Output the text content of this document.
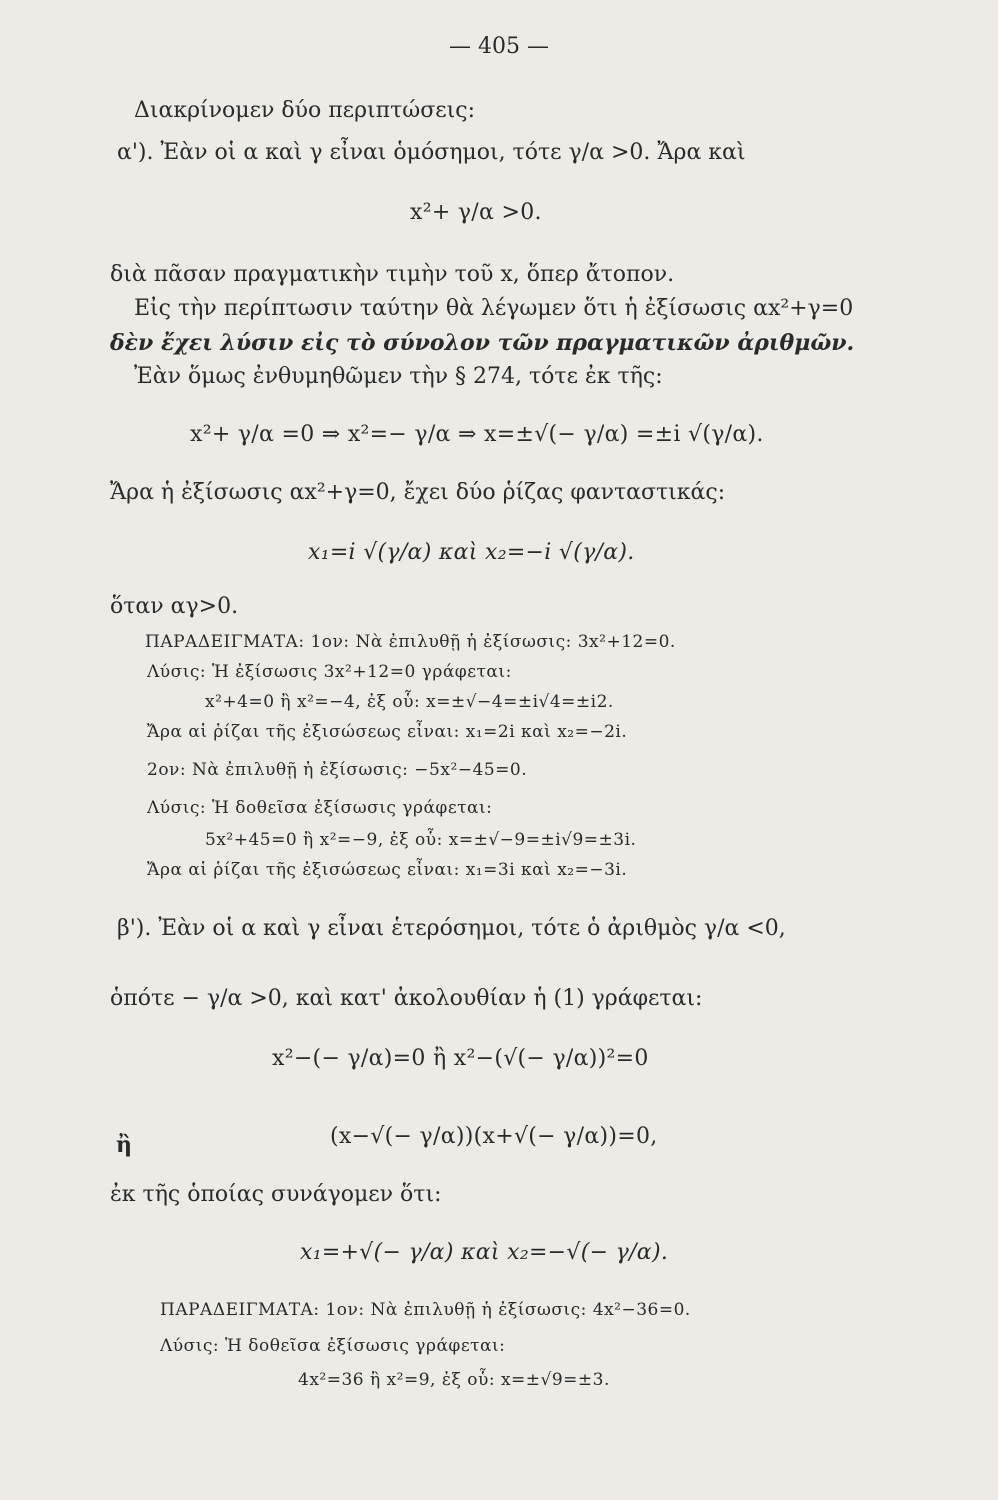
— 405 —
Διακρίνομεν δύο περιπτώσεις:
α'). Ἐὰν οἱ α καὶ γ εἶναι ὁμόσημοι, τότε γ/α >0. Ἄρα καὶ
x²+ γ/α >0.
διὰ πᾶσαν πραγματικὴν τιμὴν τοῦ x, ὅπερ ἄτοπον.
Εἰς τὴν περίπτωσιν ταύτην θὰ λέγωμεν ὅτι ἡ ἐξίσωσις αx²+γ=0
δὲν ἔχει λύσιν εἰς τὸ σύνολον τῶν πραγματικῶν ἀριθμῶν.
Ἐὰν ὅμως ἐνθυμηθῶμεν τὴν § 274, τότε ἐκ τῆς:
x²+ γ/α =0 ⇒ x²=− γ/α ⇒ x=±√(− γ/α) =±i √(γ/α).
Ἄρα ἡ ἐξίσωσις αx²+γ=0, ἔχει δύο ῥίζας φανταστικάς:
x₁=i √(γ/α) καὶ x₂=−i √(γ/α).
ὅταν αγ>0.
ΠΑΡΑΔΕΙΓΜΑΤΑ: 1ον: Νὰ ἐπιλυθῇ ἡ ἐξίσωσις: 3x²+12=0.
Λύσις: Ἡ ἐξίσωσις 3x²+12=0 γράφεται:
x²+4=0 ἢ x²=−4, ἐξ οὗ: x=±√−4=±i√4=±i2.
Ἄρα αἱ ῥίζαι τῆς ἐξισώσεως εἶναι: x₁=2i καὶ x₂=−2i.
2ον: Νὰ ἐπιλυθῇ ἡ ἐξίσωσις: −5x²−45=0.
Λύσις: Ἡ δοθεῖσα ἐξίσωσις γράφεται:
5x²+45=0 ἢ x²=−9, ἐξ οὗ: x=±√−9=±i√9=±3i.
Ἄρα αἱ ῥίζαι τῆς ἐξισώσεως εἶναι: x₁=3i καὶ x₂=−3i.
β'). Ἐὰν οἱ α καὶ γ εἶναι ἑτερόσημοι, τότε ὁ ἀριθμὸς γ/α <0,
ὁπότε − γ/α >0, καὶ κατ' ἀκολουθίαν ἡ (1) γράφεται:
x²−(− γ/α)=0 ἢ x²−(√(− γ/α))²=0
ἢ	(x−√(− γ/α))(x+√(− γ/α))=0,
ἐκ τῆς ὁποίας συνάγομεν ὅτι:
x₁=+√(− γ/α) καὶ x₂=−√(− γ/α).
ΠΑΡΑΔΕΙΓΜΑΤΑ: 1ον: Νὰ ἐπιλυθῇ ἡ ἐξίσωσις: 4x²−36=0.
Λύσις: Ἡ δοθεῖσα ἐξίσωσις γράφεται:
4x²=36 ἢ x²=9, ἐξ οὗ: x=±√9=±3.
